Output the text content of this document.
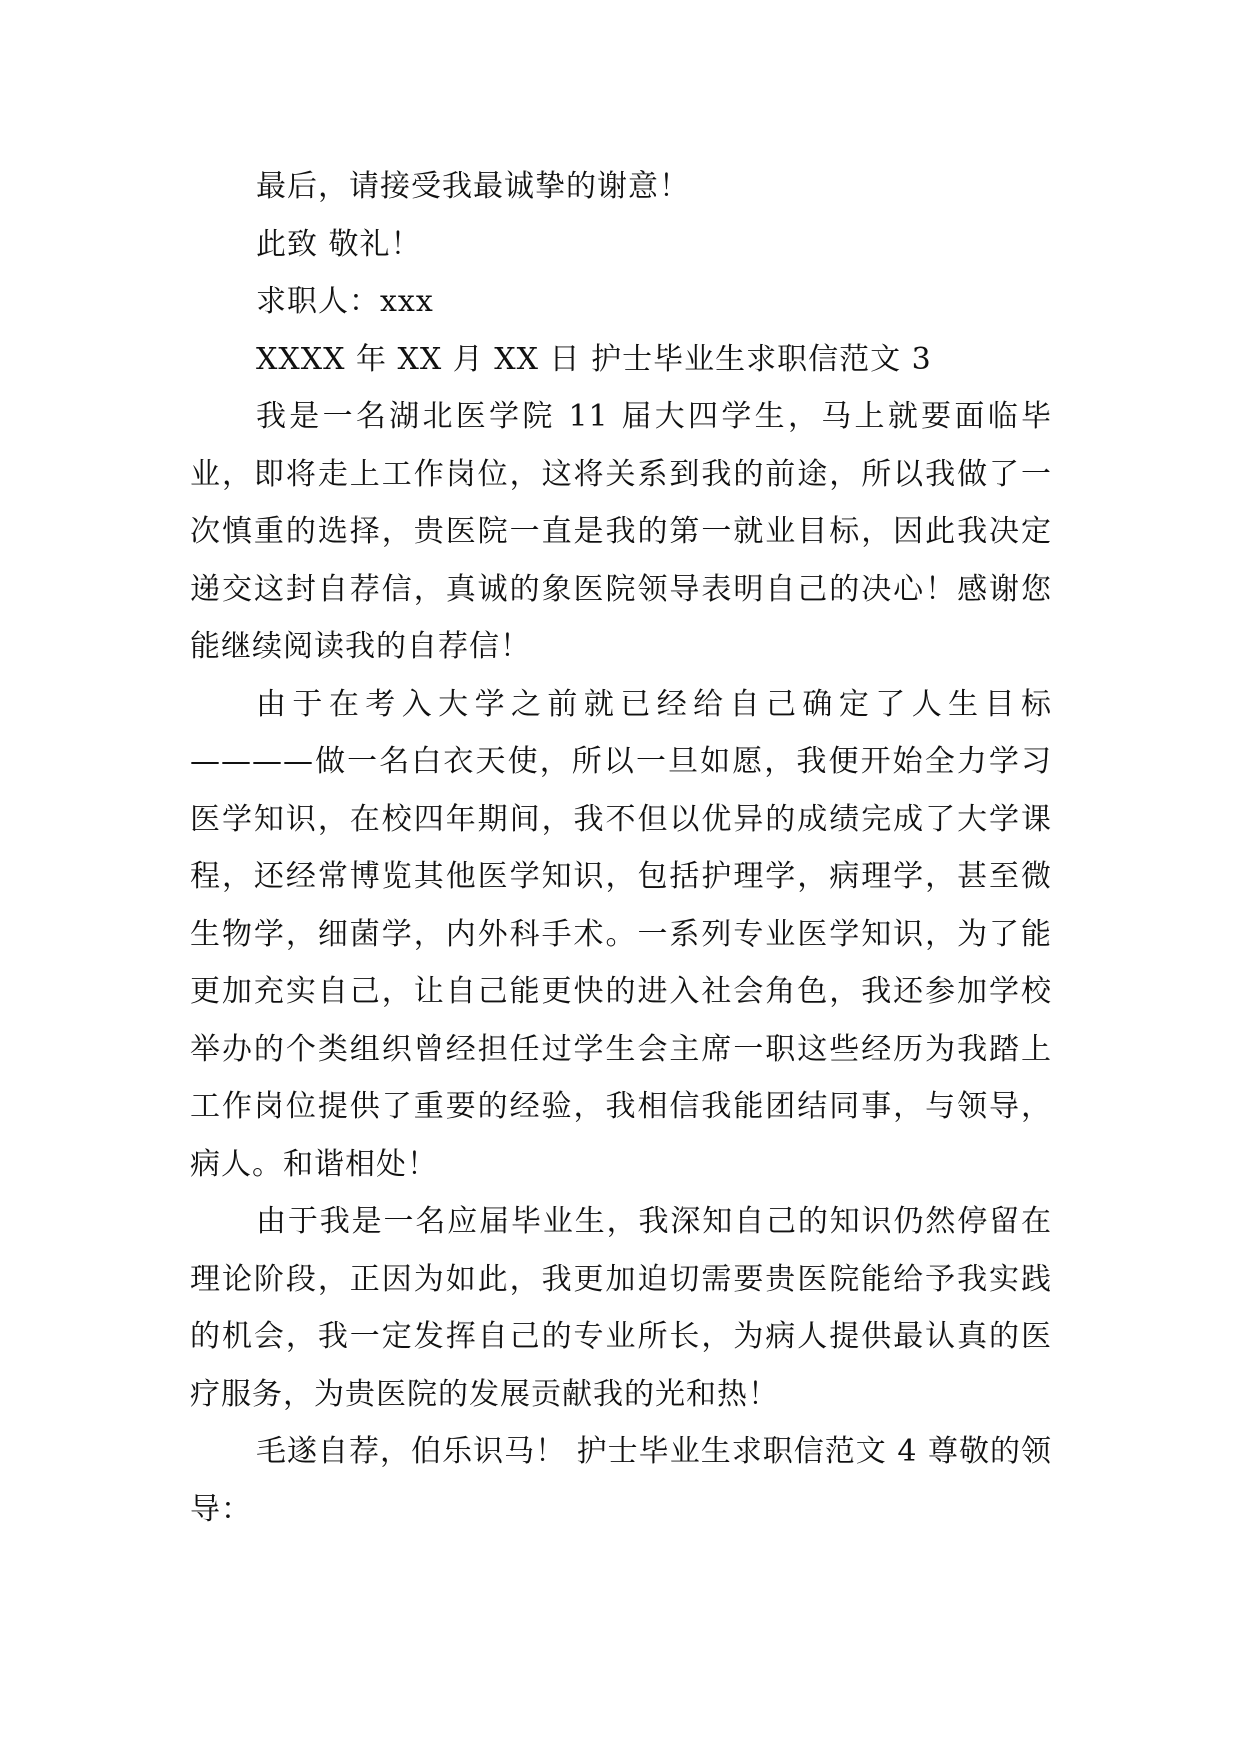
最后，请接受我最诚挚的谢意！

此致 敬礼！

求职人：xxx

XXXX 年 XX 月 XX 日 护士毕业生求职信范文 3

我是一名湖北医学院 11 届大四学生，马上就要面临毕业，即将走上工作岗位，这将关系到我的前途，所以我做了一次慎重的选择，贵医院一直是我的第一就业目标，因此我决定递交这封自荐信，真诚的象医院领导表明自己的决心！感谢您能继续阅读我的自荐信！

由于在考入大学之前就已经给自己确定了人生目标————做一名白衣天使，所以一旦如愿，我便开始全力学习医学知识，在校四年期间，我不但以优异的成绩完成了大学课程，还经常博览其他医学知识，包括护理学，病理学，甚至微生物学，细菌学，内外科手术。一系列专业医学知识，为了能更加充实自己，让自己能更快的进入社会角色，我还参加学校举办的个类组织曾经担任过学生会主席一职这些经历为我踏上工作岗位提供了重要的经验，我相信我能团结同事，与领导，病人。和谐相处！

由于我是一名应届毕业生，我深知自己的知识仍然停留在理论阶段，正因为如此，我更加迫切需要贵医院能给予我实践的机会，我一定发挥自己的专业所长，为病人提供最认真的医疗服务，为贵医院的发展贡献我的光和热！

毛遂自荐，伯乐识马！ 护士毕业生求职信范文 4 尊敬的领导：
